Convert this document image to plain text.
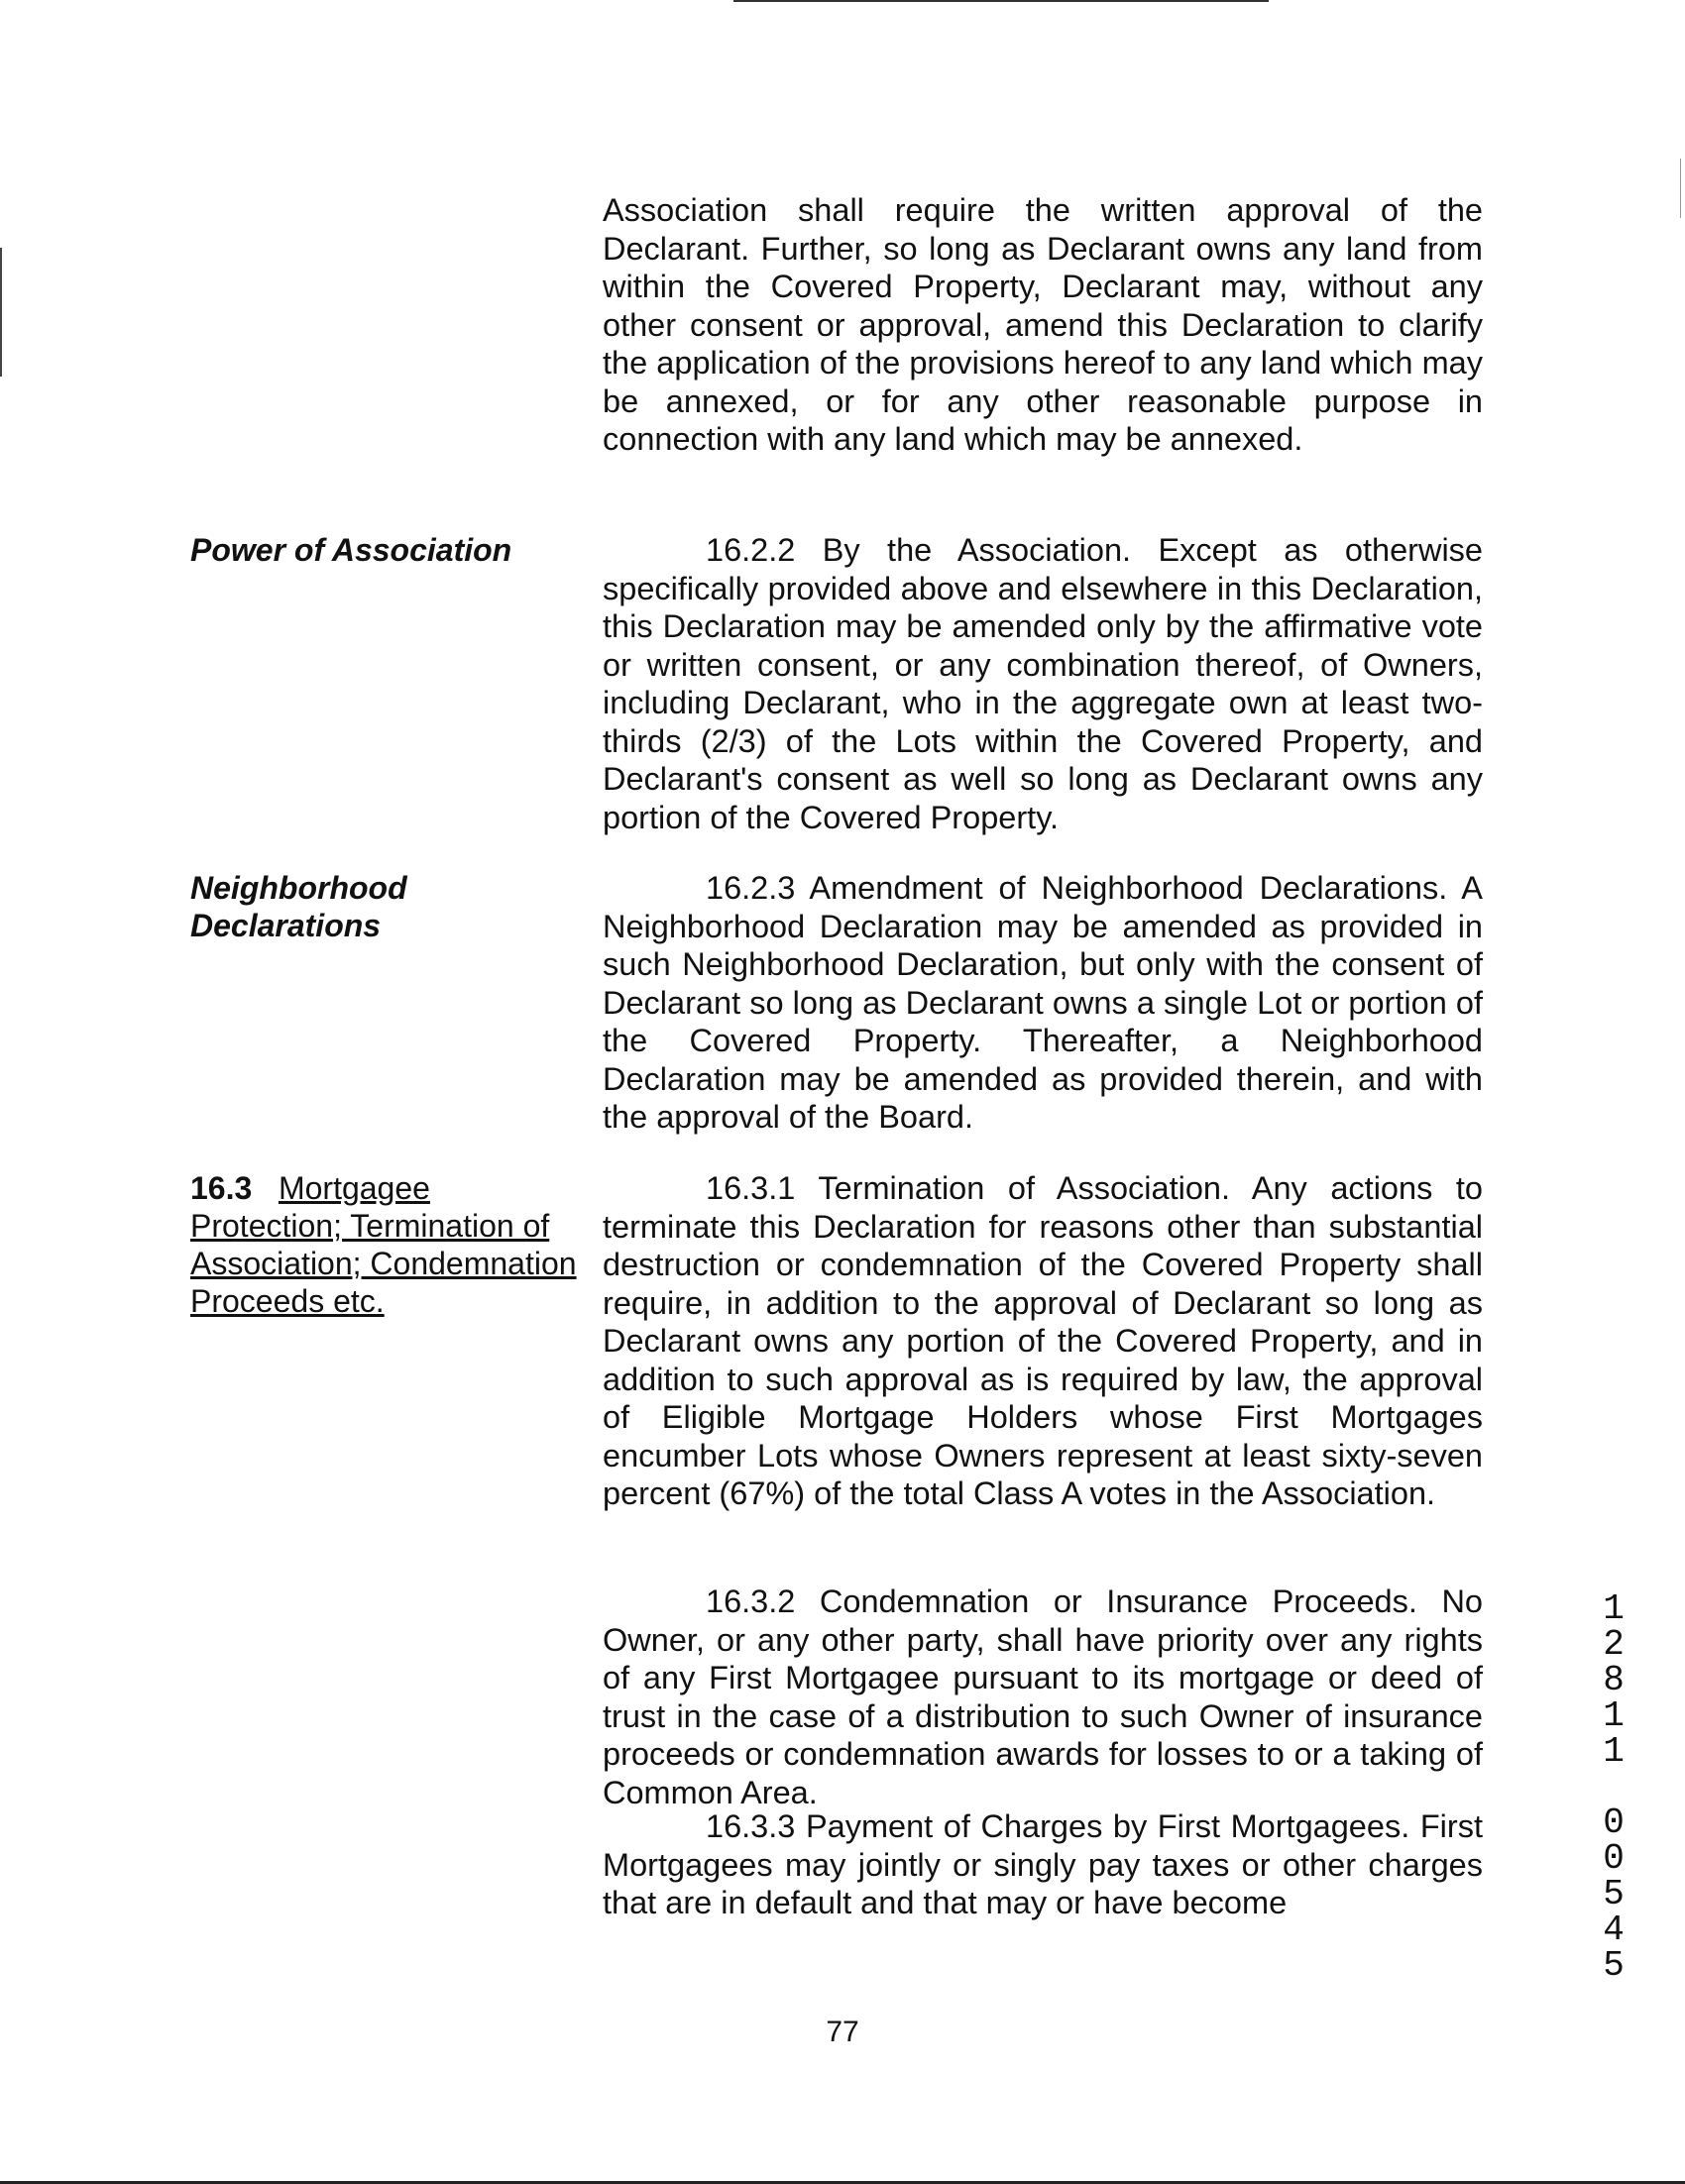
Association shall require the written approval of the Declarant. Further, so long as Declarant owns any land from within the Covered Property, Declarant may, without any other consent or approval, amend this Declaration to clarify the application of the provisions hereof to any land which may be annexed, or for any other reasonable purpose in connection with any land which may be annexed.

Power of Association	16.2.2 By the Association. Except as otherwise specifically provided above and elsewhere in this Declaration, this Declaration may be amended only by the affirmative vote or written consent, or any combination thereof, of Owners, including Declarant, who in the aggregate own at least two-thirds (2/3) of the Lots within the Covered Property, and Declarant's consent as well so long as Declarant owns any portion of the Covered Property.

Neighborhood
Declarations

16.2.3 Amendment of Neighborhood Declarations. A Neighborhood Declaration may be amended as provided in such Neighborhood Declaration, but only with the consent of Declarant so long as Declarant owns a single Lot or portion of the Covered Property. Thereafter, a Neighborhood Declaration may be amended as provided therein, and with the approval of the Board.

16.3 Mortgagee Protection; Termination of Association; Condemnation Proceeds etc.

16.3.1 Termination of Association. Any actions to terminate this Declaration for reasons other than substantial destruction or condemnation of the Covered Property shall require, in addition to the approval of Declarant so long as Declarant owns any portion of the Covered Property, and in addition to such approval as is required by law, the approval of Eligible Mortgage Holders whose First Mortgages encumber Lots whose Owners represent at least sixty-seven percent (67%) of the total Class A votes in the Association.

16.3.2 Condemnation or Insurance Proceeds. No Owner, or any other party, shall have priority over any rights of any First Mortgagee pursuant to its mortgage or deed of trust in the case of a distribution to such Owner of insurance proceeds or condemnation awards for losses to or a taking of Common Area.

16.3.3 Payment of Charges by First Mortgagees. First Mortgagees may jointly or singly pay taxes or other charges that are in default and that may or have become

77
1
2
8
1
1
0
0
5
4
5
